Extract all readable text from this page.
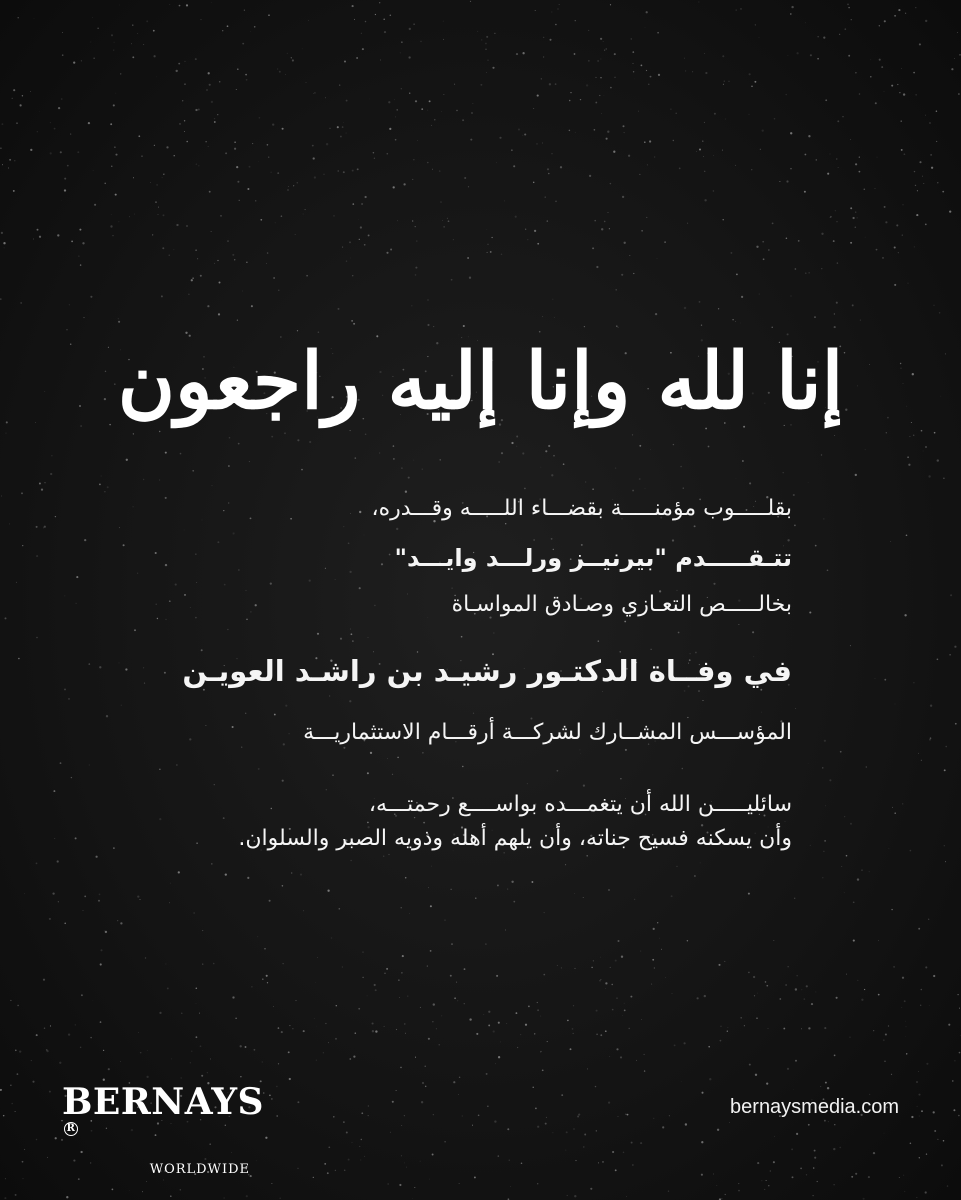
إنا لله وإنا إليه راجعون

بقلـــــوب مؤمنـــــة بقضـــاء اللـــــه وقـــدره،

تتـقـــــدم "بيرنيــز ورلـــد وايـــد"

بخالـــــص التعـازي وصـادق المواسـاة

في وفــاة الدكتـور رشيـد بن راشـد العويـن

المؤســـس المشــارك لشركـــة أرقـــام الاستثماريـــة

سائليـــــن الله أن يتغمـــده بواســــع رحمتـــه،

وأن يسكنه فسيح جناته، وأن يلهم أهله وذويه الصبر والسلوان.

BERNAYSR
WORLDWIDE
bernaysmedia.com
